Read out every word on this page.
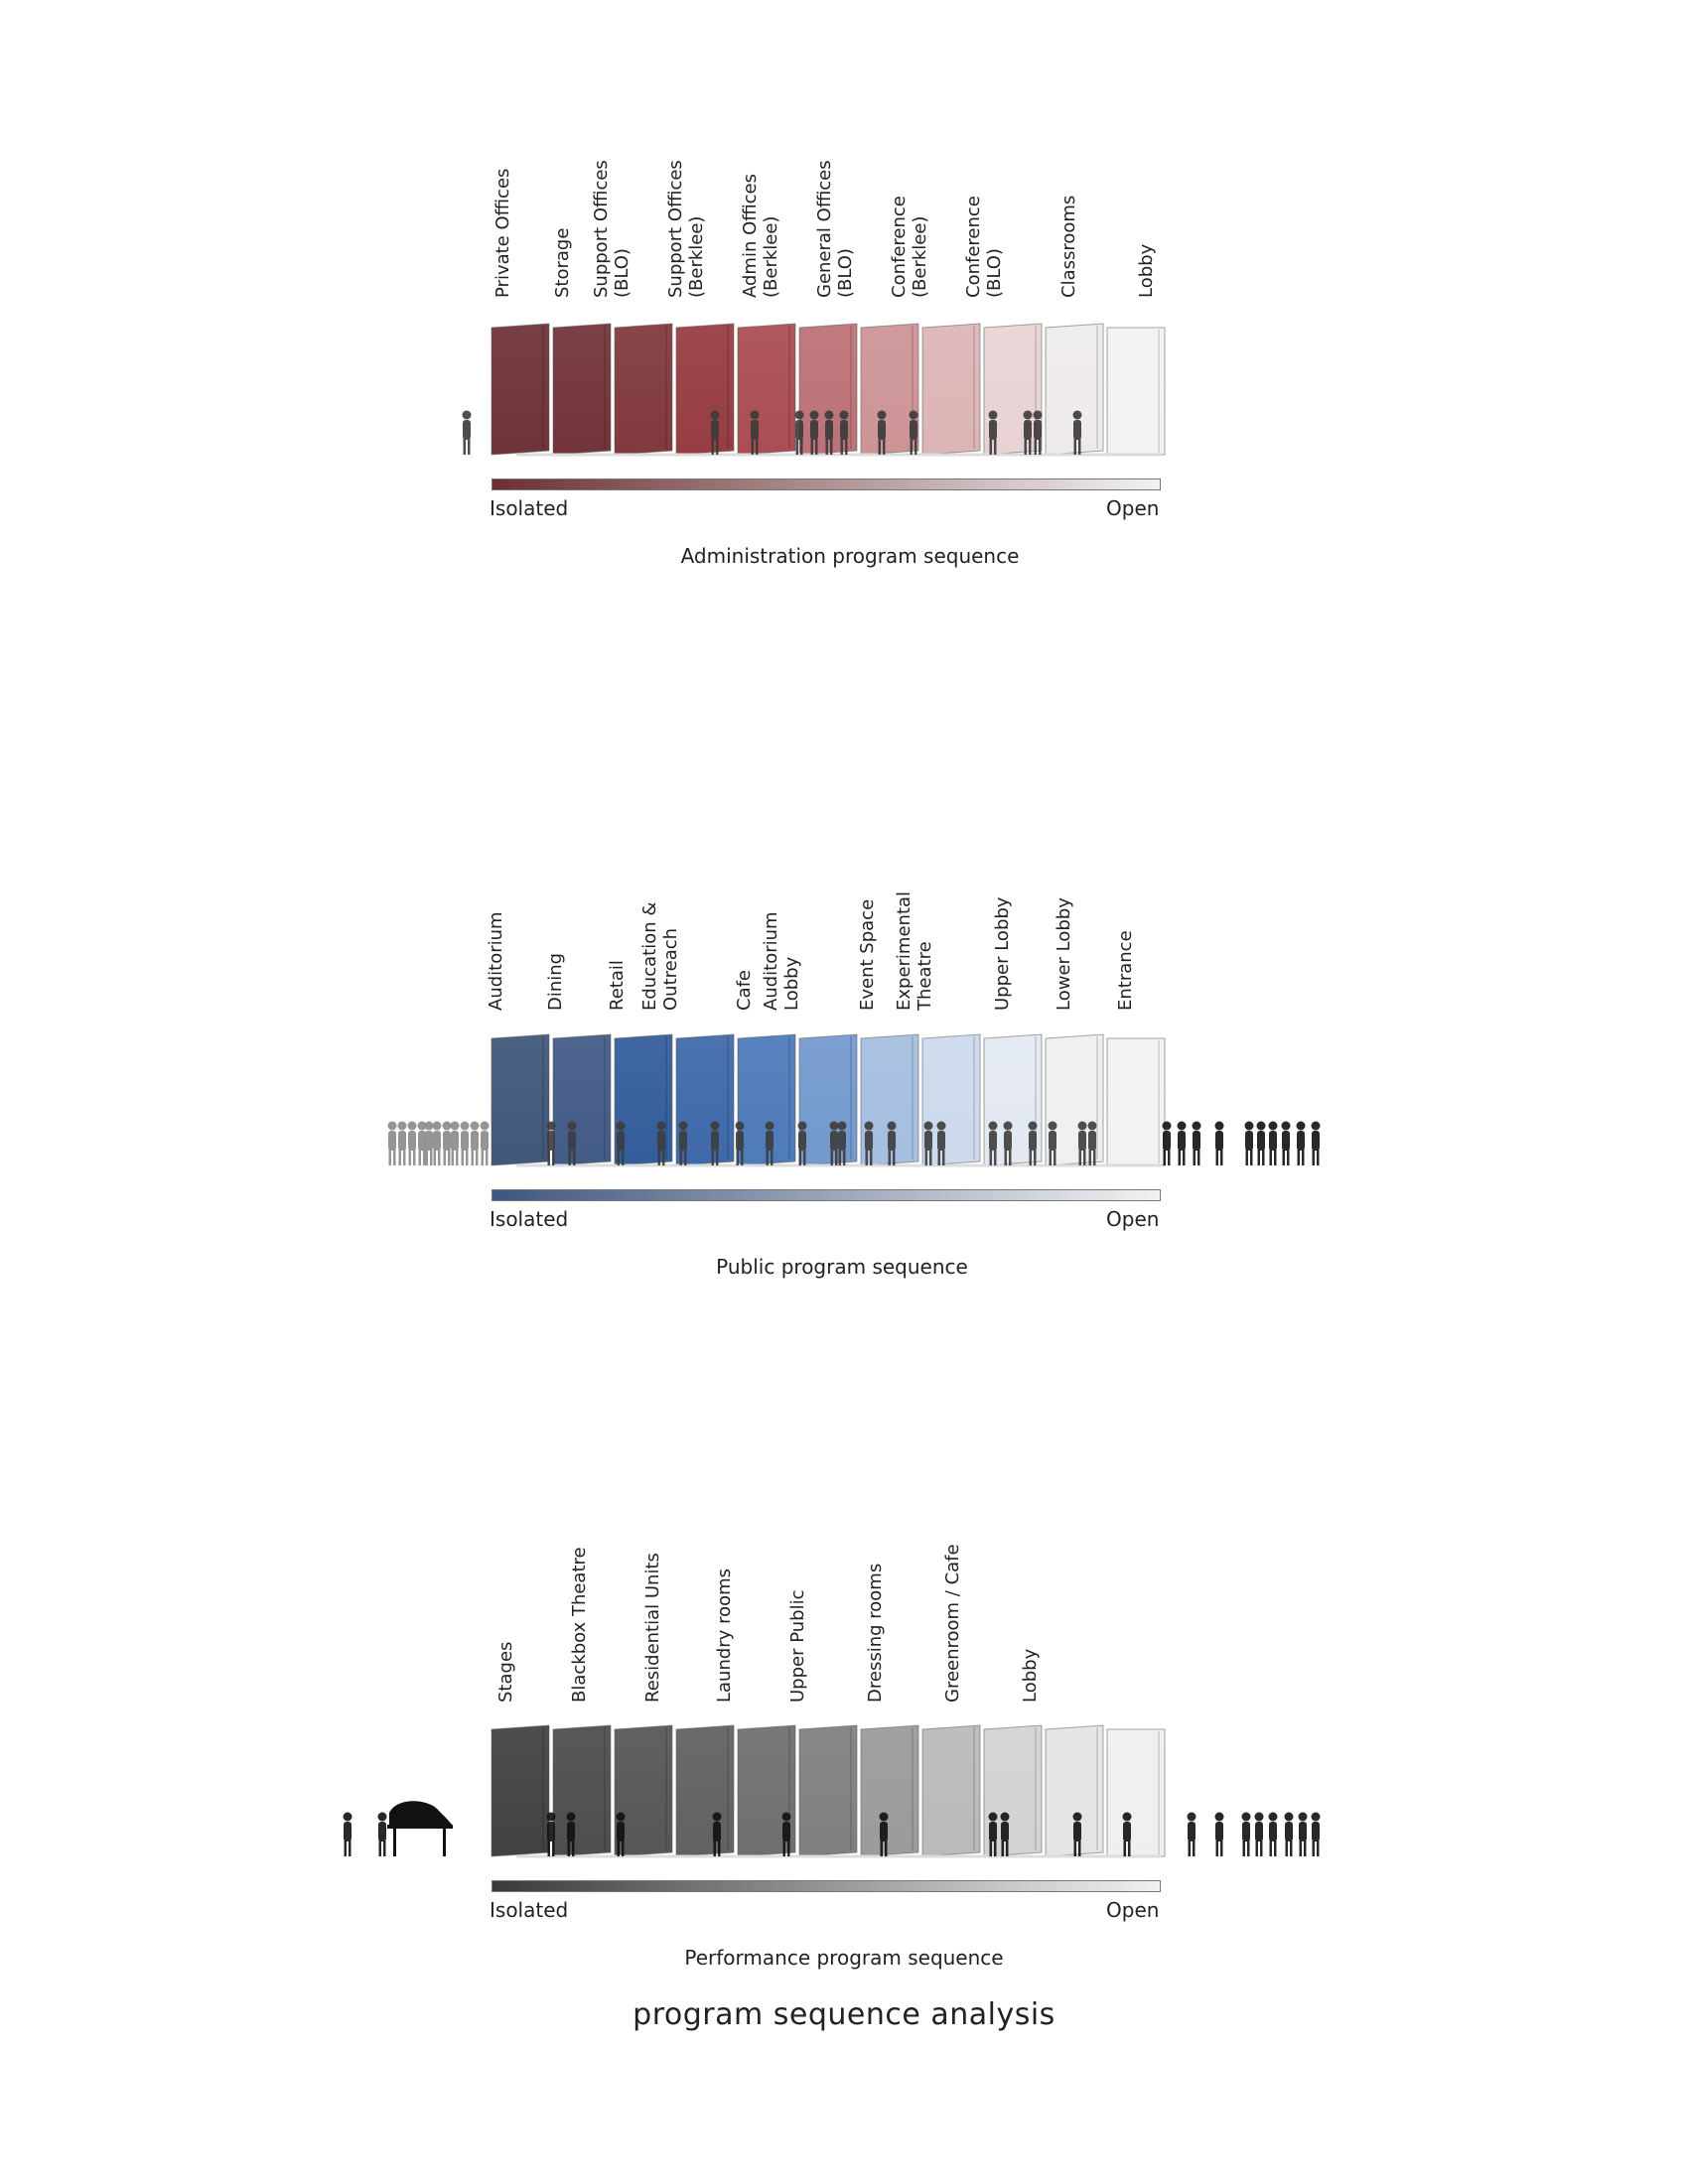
Private Offices Storage Support Offices (BLO) Support Offices (Berklee) Admin Offices (Berklee) General Offices (BLO) Conference (Berklee) Conference (BLO)	Classrooms	Lobby
Isolated	Open
Administration program sequence
Auditorium Dining Retail Education & Outreach	Cafe Auditorium Lobby	Event Space Experimental Theatre	Upper Lobby Lower Lobby Entrance
Isolated	Open
Public program sequence
Stages	Blackbox Theatre	Residential Units	Laundry rooms	Upper Public	Dressing rooms	Greenroom / Cafe	Lobby
Isolated	Open
Performance program sequence
program sequence analysis
